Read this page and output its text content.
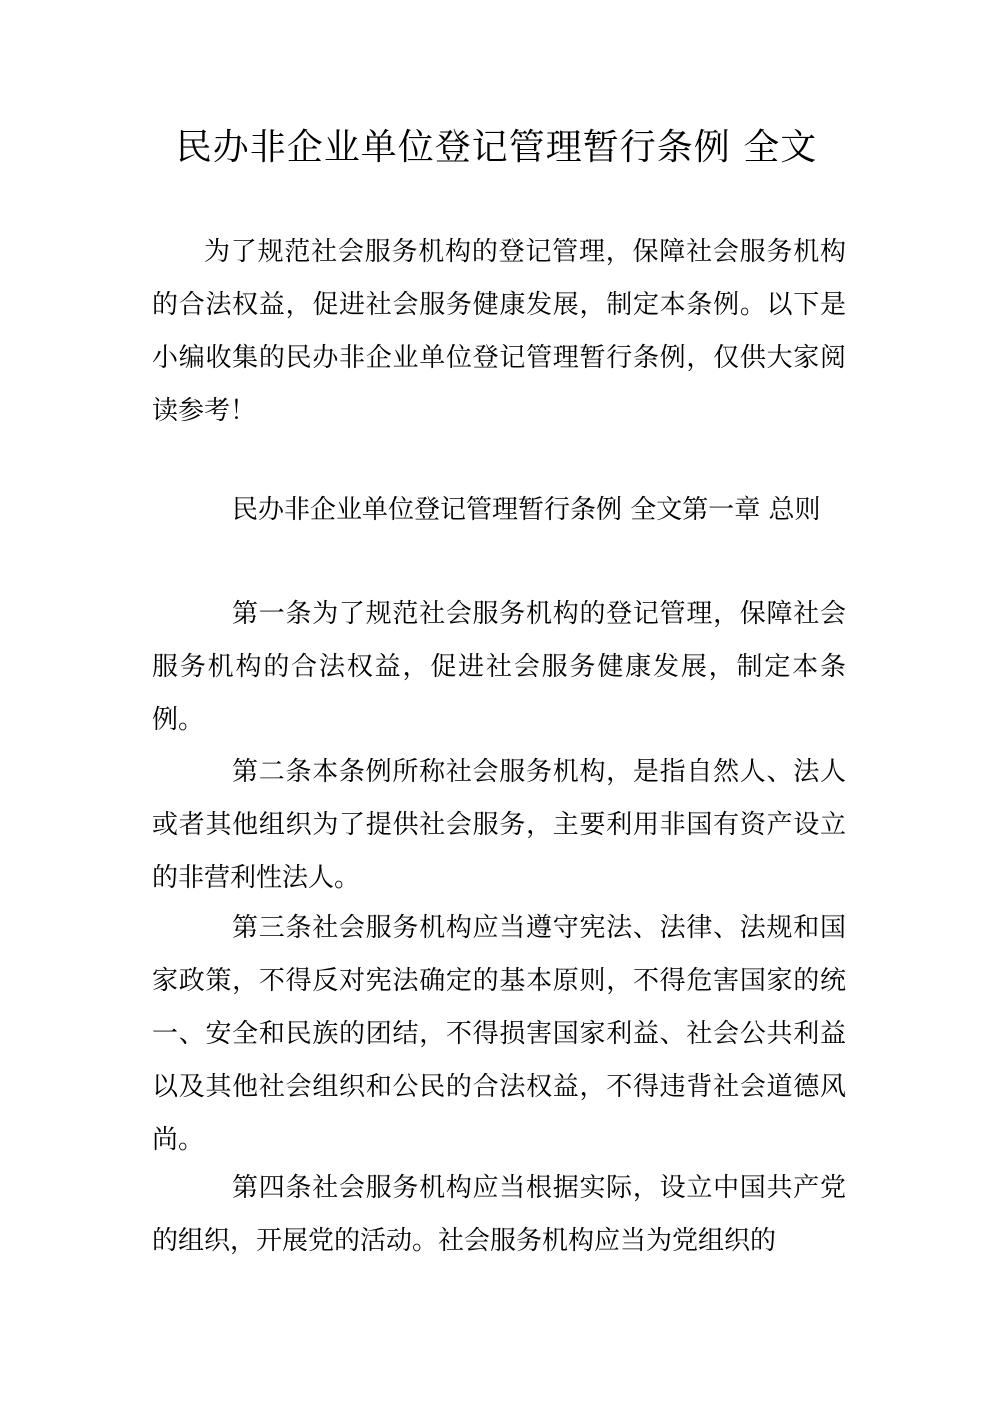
民办非企业单位登记管理暂行条例 全文

为了规范社会服务机构的登记管理，保障社会服务机构的合法权益，促进社会服务健康发展，制定本条例。以下是小编收集的民办非企业单位登记管理暂行条例，仅供大家阅读参考！

民办非企业单位登记管理暂行条例 全文第一章 总则

第一条为了规范社会服务机构的登记管理，保障社会服务机构的合法权益，促进社会服务健康发展，制定本条例。

第二条本条例所称社会服务机构，是指自然人、法人或者其他组织为了提供社会服务，主要利用非国有资产设立的非营利性法人。

第三条社会服务机构应当遵守宪法、法律、法规和国家政策，不得反对宪法确定的基本原则，不得危害国家的统一、安全和民族的团结，不得损害国家利益、社会公共利益以及其他社会组织和公民的合法权益，不得违背社会道德风尚。

第四条社会服务机构应当根据实际，设立中国共产党的组织，开展党的活动。社会服务机构应当为党组织的
